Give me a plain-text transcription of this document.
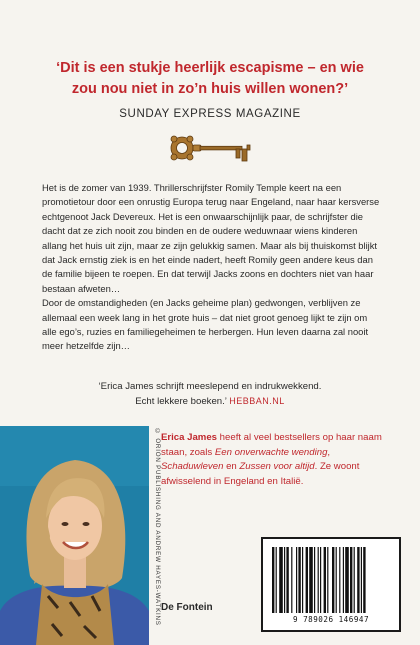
‘Dit is een stukje heerlijk escapisme – en wie
zou nou niet in zo’n huis willen wonen?’

SUNDAY EXPRESS MAGAZINE

Het is de zomer van 1939. Thrillerschrijfster Romily Temple keert na een promotietour door een onrustig Europa terug naar Engeland, naar haar kersverse echtgenoot Jack Devereux. Het is een onwaarschijnlijk paar, de schrijfster die dacht dat ze zich nooit zou binden en de oudere weduwnaar wiens kinderen allang het huis uit zijn, maar ze zijn gelukkig samen. Maar als bij thuiskomst blijkt dat Jack ernstig ziek is en het einde nadert, heeft Romily geen andere keus dan de familie bijeen te roepen. En dat terwijl Jacks zoons en dochters niet van haar bestaan afweten…

Door de omstandigheden (en Jacks geheime plan) gedwongen, verblijven ze allemaal een week lang in het grote huis – dat niet groot genoeg lijkt te zijn om alle ego’s, ruzies en familiegeheimen te herbergen. Hun leven daarna zal nooit meer hetzelfde zijn…

‘Erica James schrijft meeslepend en indrukwekkend.
Echt lekkere boeken.’ HEBBAN.NL
© ORION PUBLISHING AND ANDREW HAYES-WATKINS Erica James heeft al veel bestsellers op haar naam staan, zoals Een onverwachte wending, Schaduwleven en Zussen voor altijd. Ze woont afwisselend in Engeland en Italië.
9 789026 146947
De Fontein
